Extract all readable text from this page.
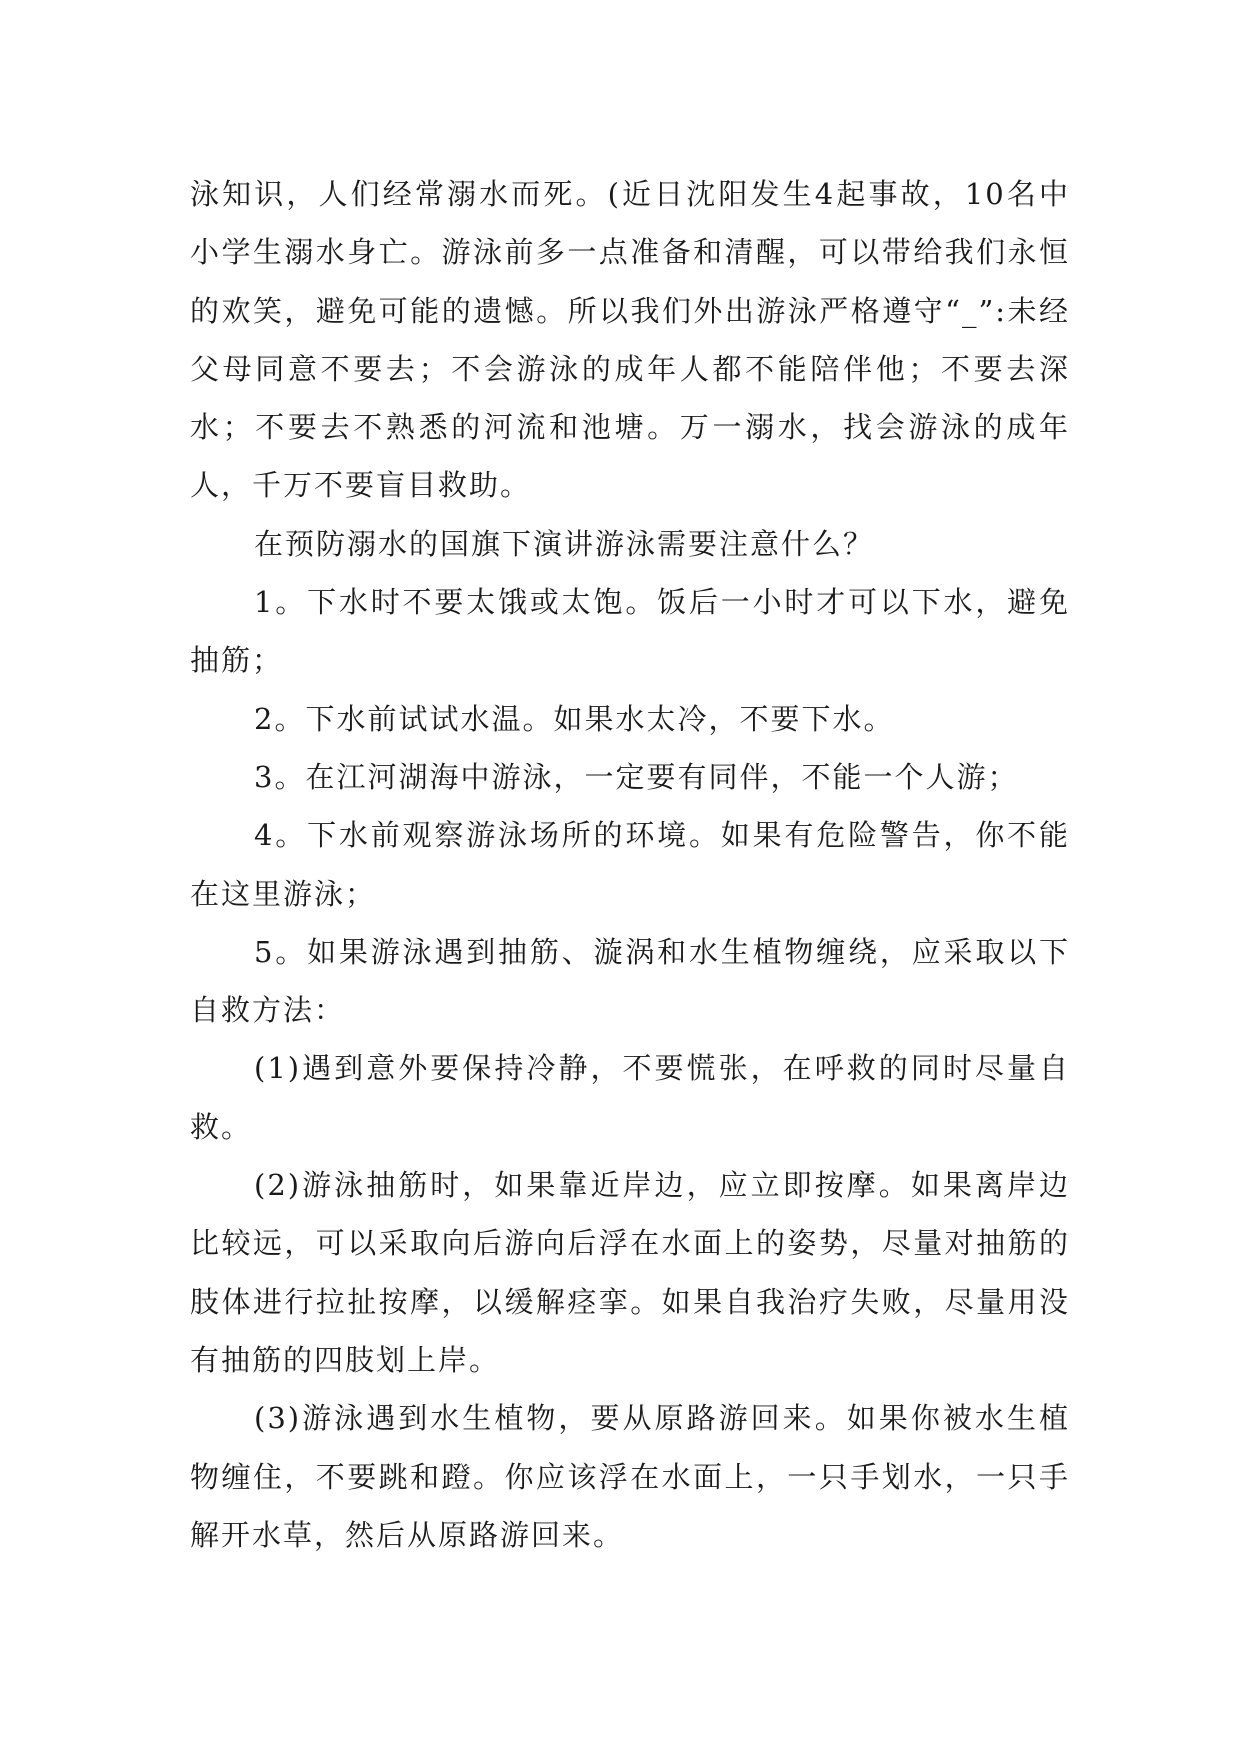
泳知识，人们经常溺水而死。(近日沈阳发生4起事故，10名中小学生溺水身亡。游泳前多一点准备和清醒，可以带给我们永恒的欢笑，避免可能的遗憾。所以我们外出游泳严格遵守“_”:未经父母同意不要去；不会游泳的成年人都不能陪伴他；不要去深水；不要去不熟悉的河流和池塘。万一溺水，找会游泳的成年人，千万不要盲目救助。

在预防溺水的国旗下演讲游泳需要注意什么？

1。下水时不要太饿或太饱。饭后一小时才可以下水，避免抽筋；

2。下水前试试水温。如果水太冷，不要下水。

3。在江河湖海中游泳，一定要有同伴，不能一个人游；

4。下水前观察游泳场所的环境。如果有危险警告，你不能在这里游泳；

5。如果游泳遇到抽筋、漩涡和水生植物缠绕，应采取以下自救方法：

(1)遇到意外要保持冷静，不要慌张，在呼救的同时尽量自救。

(2)游泳抽筋时，如果靠近岸边，应立即按摩。如果离岸边比较远，可以采取向后游向后浮在水面上的姿势，尽量对抽筋的肢体进行拉扯按摩，以缓解痉挛。如果自我治疗失败，尽量用没有抽筋的四肢划上岸。

(3)游泳遇到水生植物，要从原路游回来。如果你被水生植物缠住，不要跳和蹬。你应该浮在水面上，一只手划水，一只手解开水草，然后从原路游回来。
